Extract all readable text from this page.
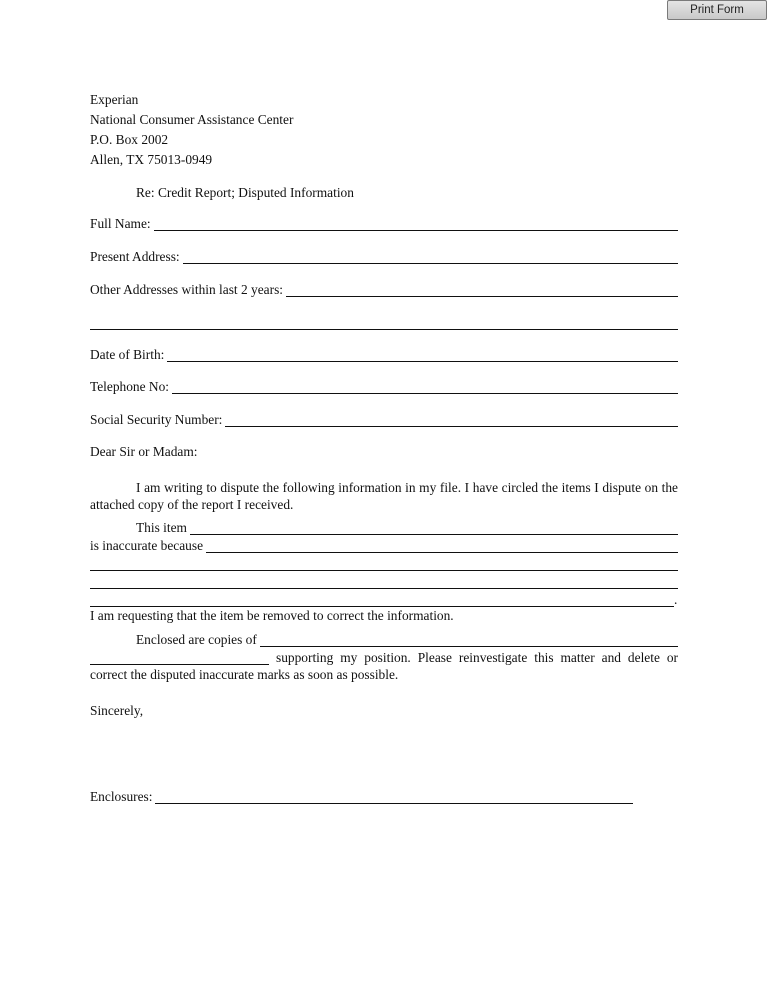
Print Form
Experian
National Consumer Assistance Center
P.O. Box 2002
Allen, TX 75013-0949
Re: Credit Report; Disputed Information
Full Name:
Present Address:
Other Addresses within last 2 years:
Date of Birth:
Telephone No:
Social Security Number:
Dear Sir or Madam:
I am writing to dispute the following information in my file. I have circled the items I dispute on the attached copy of the report I received.
This item
is inaccurate because
.
I am requesting that the item be removed to correct the information.
Enclosed are copies of
supporting my position. Please reinvestigate this matter and delete or correct the disputed inaccurate marks as soon as possible.
Sincerely,
Enclosures:
